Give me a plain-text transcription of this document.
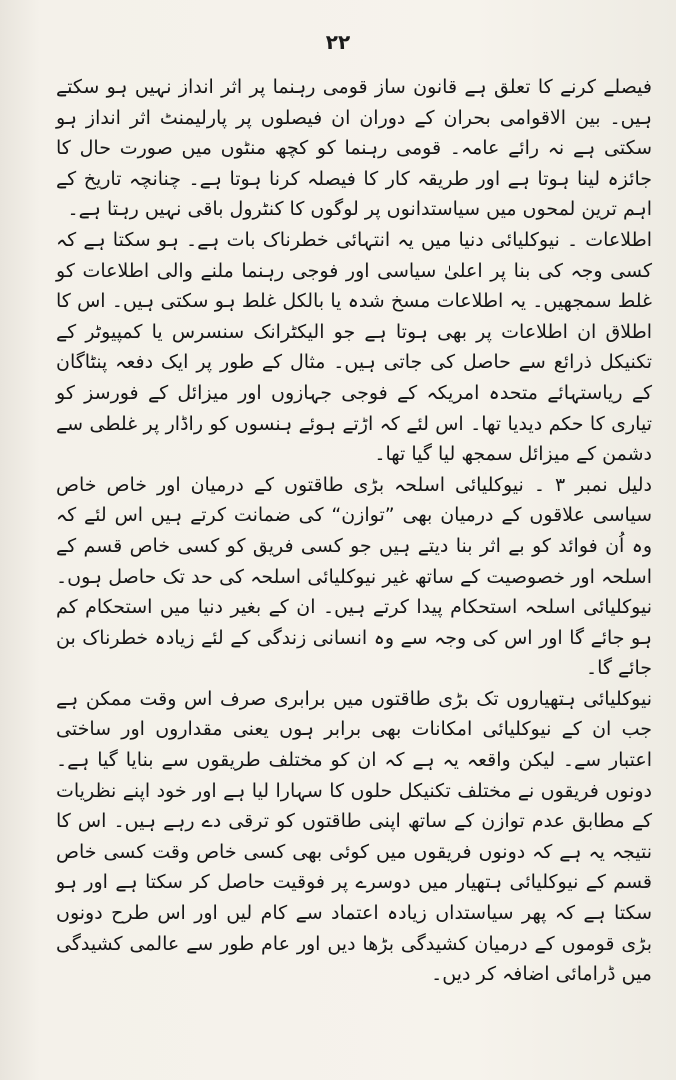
۲۲

فیصلے کرنے کا تعلق ہے قانون ساز قومی رہنما پر اثر انداز نہیں ہو سکتے ہیں۔ بین الاقوامی بحران کے دوران ان فیصلوں پر پارلیمنٹ اثر انداز ہو سکتی ہے نہ رائے عامہ۔ قومی رہنما کو کچھ منٹوں میں صورت حال کا جائزہ لینا ہوتا ہے اور طریقہ کار کا فیصلہ کرنا ہوتا ہے۔ چنانچہ تاریخ کے اہم ترین لمحوں میں سیاستدانوں پر لوگوں کا کنٹرول باقی نہیں رہتا ہے۔

اطلاعات ۔ نیوکلیائی دنیا میں یہ انتہائی خطرناک بات ہے۔ ہو سکتا ہے کہ کسی وجہ کی بنا پر اعلیٰ سیاسی اور فوجی رہنما ملنے والی اطلاعات کو غلط سمجھیں۔ یہ اطلاعات مسخ شدہ یا بالکل غلط ہو سکتی ہیں۔ اس کا اطلاق ان اطلاعات پر بھی ہوتا ہے جو الیکٹرانک سنسرس یا کمپیوٹر کے تکنیکل ذرائع سے حاصل کی جاتی ہیں۔ مثال کے طور پر ایک دفعہ پنٹاگان کے ریاستہائے متحدہ امریکہ کے فوجی جہازوں اور میزائل کے فورسز کو تیاری کا حکم دیدیا تھا۔ اس لئے کہ اڑتے ہوئے ہنسوں کو راڈار پر غلطی سے دشمن کے میزائل سمجھ لیا گیا تھا۔

دلیل نمبر ۳ ۔ نیوکلیائی اسلحہ بڑی طاقتوں کے درمیان اور خاص خاص سیاسی علاقوں کے درمیان بھی ”توازن“ کی ضمانت کرتے ہیں اس لئے کہ وہ اُن فوائد کو بے اثر بنا دیتے ہیں جو کسی فریق کو کسی خاص قسم کے اسلحہ اور خصوصیت کے ساتھ غیر نیوکلیائی اسلحہ کی حد تک حاصل ہوں۔ نیوکلیائی اسلحہ استحکام پیدا کرتے ہیں۔ ان کے بغیر دنیا میں استحکام کم ہو جائے گا اور اس کی وجہ سے وہ انسانی زندگی کے لئے زیادہ خطرناک بن جائے گا۔

نیوکلیائی ہتھیاروں تک بڑی طاقتوں میں برابری صرف اس وقت ممکن ہے جب ان کے نیوکلیائی امکانات بھی برابر ہوں یعنی مقداروں اور ساختی اعتبار سے۔ لیکن واقعہ یہ ہے کہ ان کو مختلف طریقوں سے بنایا گیا ہے۔ دونوں فریقوں نے مختلف تکنیکل حلوں کا سہارا لیا ہے اور خود اپنے نظریات کے مطابق عدم توازن کے ساتھ اپنی طاقتوں کو ترقی دے رہے ہیں۔ اس کا نتیجہ یہ ہے کہ دونوں فریقوں میں کوئی بھی کسی خاص وقت کسی خاص قسم کے نیوکلیائی ہتھیار میں دوسرے پر فوقیت حاصل کر سکتا ہے اور ہو سکتا ہے کہ پھر سیاستداں زیادہ اعتماد سے کام لیں اور اس طرح دونوں بڑی قوموں کے درمیان کشیدگی بڑھا دیں اور عام طور سے عالمی کشیدگی میں ڈرامائی اضافہ کر دیں۔
